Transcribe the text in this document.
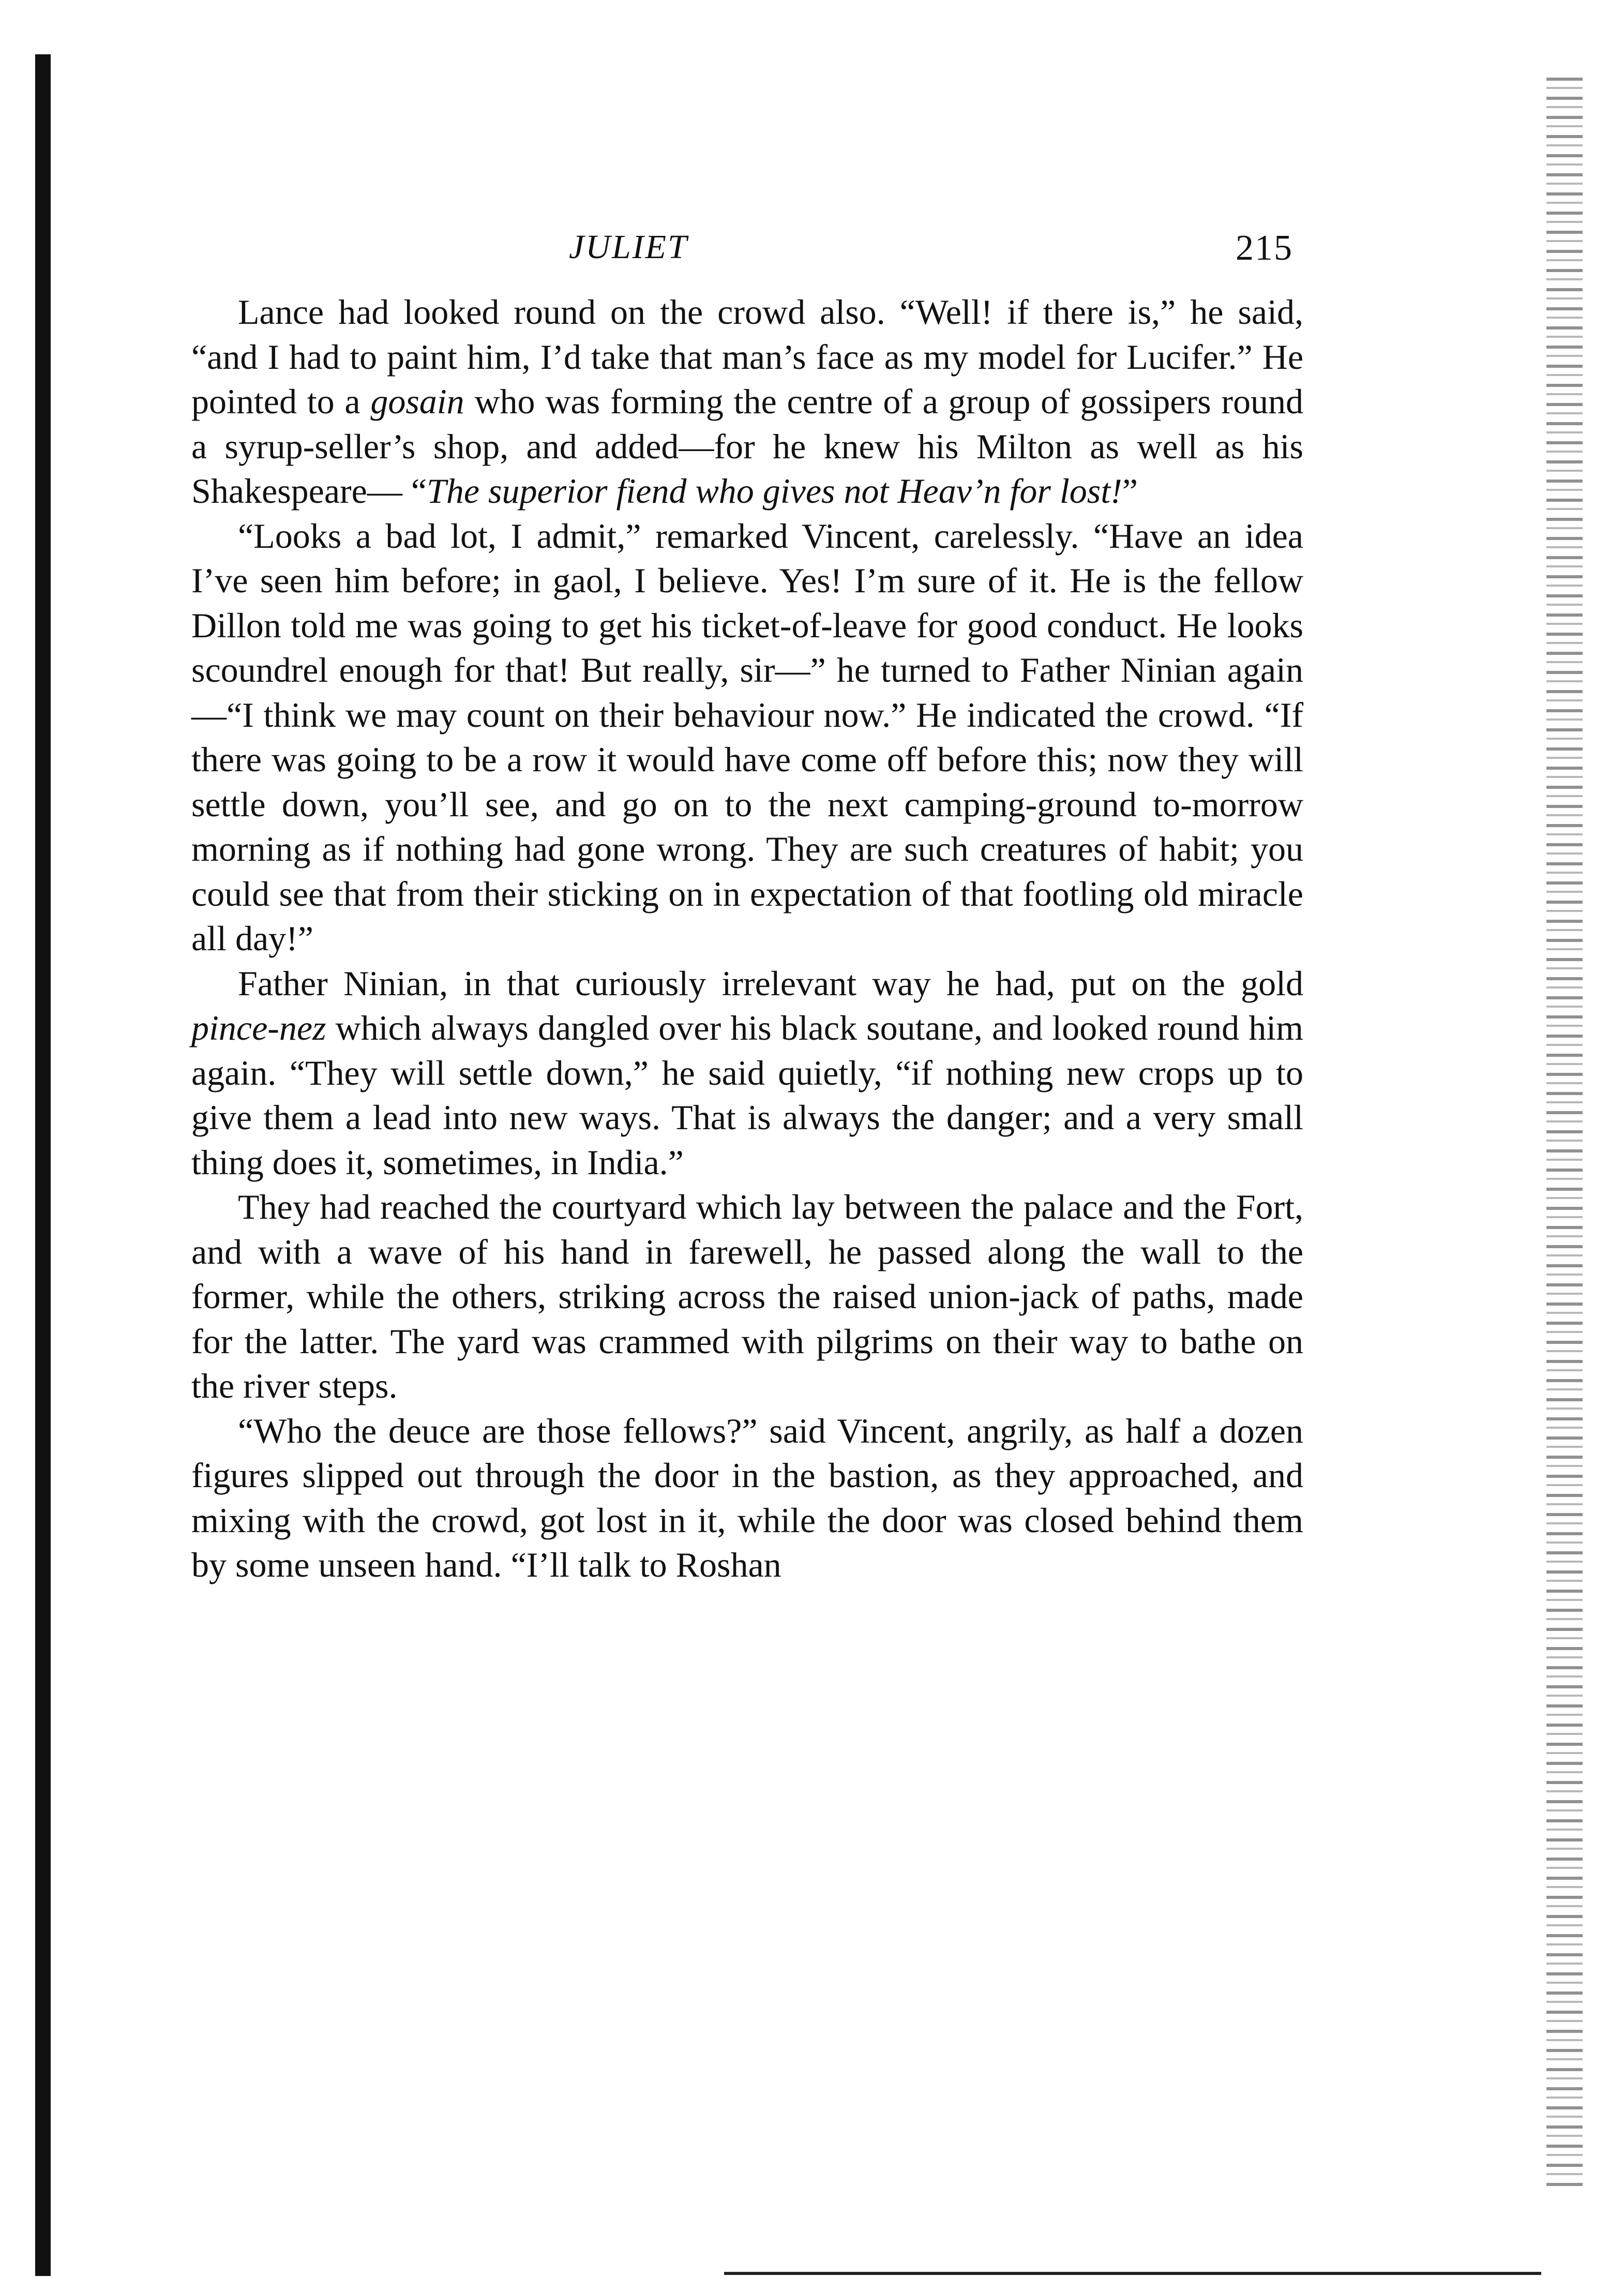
JULIET	215

Lance had looked round on the crowd also. “Well! if there is,” he said, “and I had to paint him, I’d take that man’s face as my model for Lucifer.” He pointed to a gosain who was forming the centre of a group of gossipers round a syrup-seller’s shop, and added—for he knew his Milton as well as his Shakespeare— “The superior fiend who gives not Heav’n for lost!”

“Looks a bad lot, I admit,” remarked Vincent, carelessly. “Have an idea I’ve seen him before; in gaol, I believe. Yes! I’m sure of it. He is the fellow Dillon told me was going to get his ticket-of-leave for good conduct. He looks scoundrel enough for that! But really, sir—” he turned to Father Ninian again—“I think we may count on their behaviour now.” He indicated the crowd. “If there was going to be a row it would have come off before this; now they will settle down, you’ll see, and go on to the next camping-ground to-morrow morning as if nothing had gone wrong. They are such creatures of habit; you could see that from their sticking on in expectation of that footling old miracle all day!”

Father Ninian, in that curiously irrelevant way he had, put on the gold pince-nez which always dangled over his black soutane, and looked round him again. “They will settle down,” he said quietly, “if nothing new crops up to give them a lead into new ways. That is always the danger; and a very small thing does it, sometimes, in India.”

They had reached the courtyard which lay between the palace and the Fort, and with a wave of his hand in farewell, he passed along the wall to the former, while the others, striking across the raised union-jack of paths, made for the latter. The yard was crammed with pilgrims on their way to bathe on the river steps.

“Who the deuce are those fellows?” said Vincent, angrily, as half a dozen figures slipped out through the door in the bastion, as they approached, and mixing with the crowd, got lost in it, while the door was closed behind them by some unseen hand. “I’ll talk to Roshan
